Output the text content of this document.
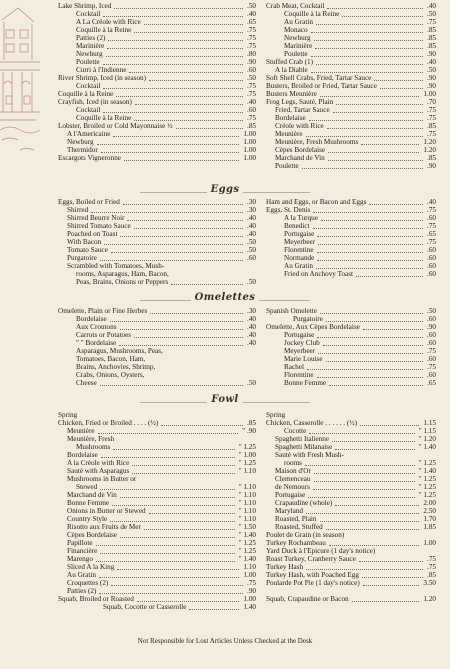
Lake Shrimp, Iced	.50
Cocktail	.40
A La Créole with Rice	.65
Coquille à la Reine	.75
Patties (2)	.75
Marinière	.75
Newburg	.80
Poulette	.90
Curri à l'Indienne	.60
River Shrimp, Iced (in season)	.50
Cocktail	.75
Coquille à la Reine	.75
Crayfish, Iced (in season)	.40
Cocktail	.60
Coquille à la Reine	.75
Lobster, Broiled or Cold Mayonnaise ½	.85
A l'Americaine	1.00
Newburg	1.00
Thermidor	1.00
Escargots Vigneronne	1.00
Crab Meat, Cocktail	.40
Coquille à la Reine	.50
Au Gratin	.75
Monaco	.85
Newburg	.85
Marinière	.85
Poulette	.90
Stuffed Crab (1)	.40
A la Diable	.50
Soft Shell Crabs, Fried, Tartar Sauce	.90
Busters, Broiled or Fried, Tartar Sauce	.90
Busters Meunière	1.00
Frog Legs, Sauté, Plain	.70
Fried, Tartar Sauce	.75
Bordelaise	.75
Créole with Rice	.85
Meunière	.75
Meunière, Fresh Mushrooms	1.20
Cèpes Bordelaise	1.20
Marchand de Vin	.85
Poulette	.90
Eggs
Eggs, Boiled or Fried	.30
Shirred	.30
Shirred Beurre Noir	.40
Shirred Tomato Sauce	.40
Poached on Toast	.40
With Bacon	.50
Tomato Sauce	.50
Purgatoire	.60
Scrambled with Tomatoes, Mush-
rooms, Asparagus, Ham, Bacon,
Peas, Brains, Onions or Peppers	.50
Ham and Eggs, or Bacon and Eggs	.40
Eggs, St. Denis	.75
A la Turque	.60
Benedict	.75
Portugaise	.65
Meyerbeer	.75
Florentine	.60
Normande	.60
Au Gratin	.60
Fried on Anchovy Toast	.60
Omelettes
Omelette, Plain or Fine Herbes	.30
Bordelaise	.40
Aux Croutons	.40
Carrots or Potatoes	.40
" " Bordelaise	.40
Asparagus, Mushrooms, Peas,
Tomatoes, Bacon, Ham,
Brains, Anchovies, Shrimp,
Crabs, Onions, Oysters,
Cheese	.50
Spanish Omelette	.50
Purgatoire	.60
Omelette, Aux Cèpes Bordelaise	.90
Portugaise	.60
Jockey Club	.60
Meyerbeer	.75
Marie Louise	.60
Rachel	.75
Florentine	.60
Bonne Femme	.65
Fowl
Spring
Chicken, Fried or Broiled . . . . (½)	.85
Meunière	" .90
Meunière, Fresh
Mushrooms	" 1.25
Bordelaise	" 1.00
A la Créole with Rice	" 1.25
Sauté with Asparagus	" 1.10
Mushrooms in Butter or
Stewed	" 1.10
Marchand de Vin	" 1.10
Bonne Femme	" 1.10
Onions in Butter or Stewed	" 1.10
Country Style	" 1.10
Risotto aux Fruits de Mer	" 1.50
Cèpes Bordelaise	" 1.40
Papillote	" 1.25
Financière	" 1.25
Marengo	" 1.40
Sliced A la King	1.10
Au Gratin	1.00
Croquettes (2)	.75
Patties (2)	.90
Squab, Broiled or Roasted	1.00
Squab, Cocotte or Casserolle	1.40
Spring
Chicken, Casserolle . . . . . . (½)	1.15
Cocotte	" 1.15
Spaghetti Italienne	" 1.20
Spaghetti Milanaise	" 1.40
Sauté with Fresh Mush-
rooms	" 1.25
Maison d'Or	" 1.40
Clemenceau	" 1.25
de Nemours	" 1.25
Portugaise	" 1.25
Crapaudine (whole)	2.00
Maryland	2.50
Roasted, Plain	1.70
Roasted, Stuffed	1.85
Poulet de Grain (in season)
Turkey Rochambeau	1.00
Yard Duck à l'Epicure (1 day's notice)
Roast Turkey, Cranberry Sauce	.75
Turkey Hash	.75
Turkey Hash, with Poached Egg	.85
Poularde Pot Pie (1 day's notice)	3.50
Squab, Crapaudine or Bacon	1.20
Not Responsible for Lost Articles Unless Checked at the Desk
